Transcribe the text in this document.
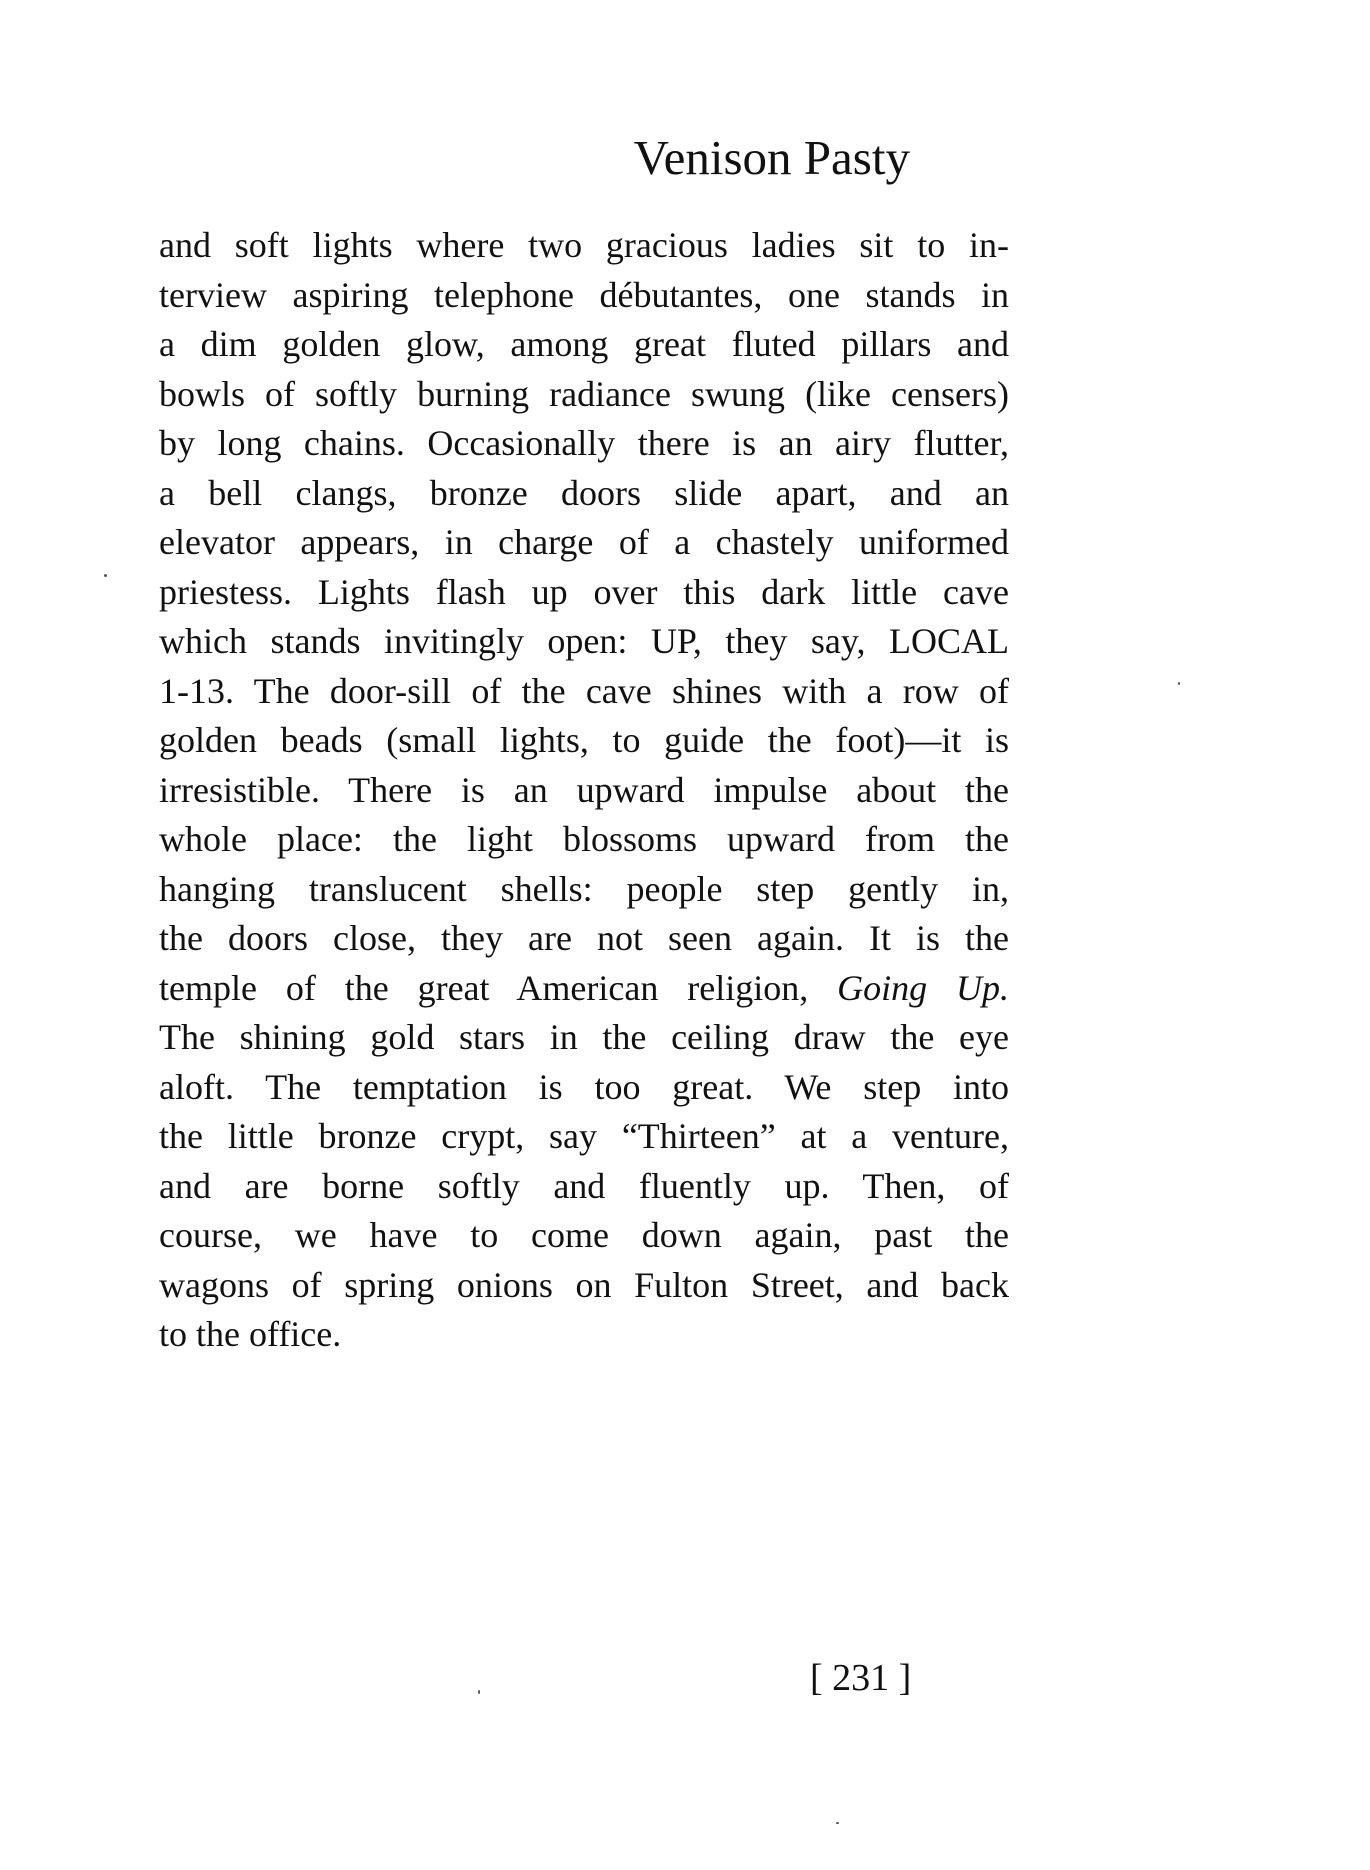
Venison Pasty
and soft lights where two gracious ladies sit to in-
terview aspiring telephone débutantes, one stands in
a dim golden glow, among great fluted pillars and
bowls of softly burning radiance swung (like censers)
by long chains. Occasionally there is an airy flutter,
a bell clangs, bronze doors slide apart, and an
elevator appears, in charge of a chastely uniformed
priestess. Lights flash up over this dark little cave
which stands invitingly open: UP, they say, LOCAL
1-13. The door-sill of the cave shines with a row of
golden beads (small lights, to guide the foot)—it is
irresistible. There is an upward impulse about the
whole place: the light blossoms upward from the
hanging translucent shells: people step gently in,
the doors close, they are not seen again. It is the
temple of the great American religion, Going Up.
The shining gold stars in the ceiling draw the eye
aloft. The temptation is too great. We step into
the little bronze crypt, say “Thirteen” at a venture,
and are borne softly and fluently up. Then, of
course, we have to come down again, past the
wagons of spring onions on Fulton Street, and back
to the office.
[ 231 ]
